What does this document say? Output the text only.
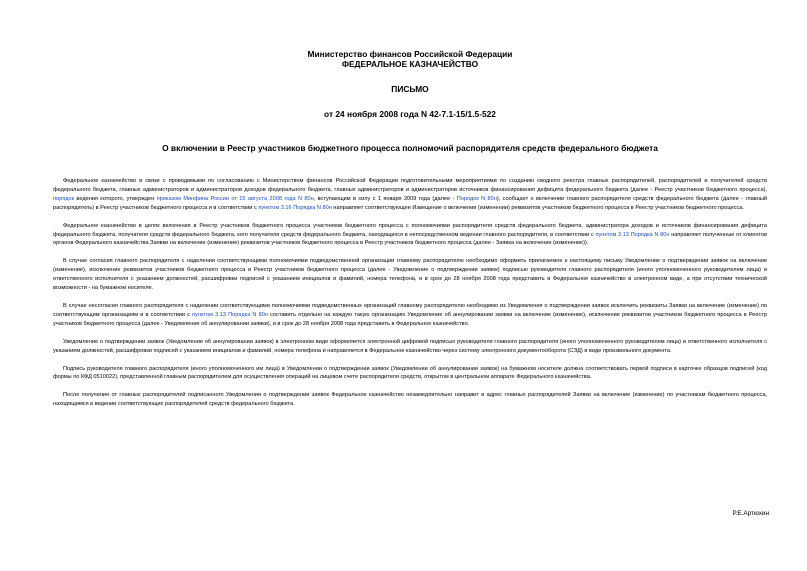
Министерство финансов Российской Федерации
ФЕДЕРАЛЬНОЕ КАЗНАЧЕЙСТВО
ПИСЬМО
от 24 ноября 2008 года N 42-7.1-15/1.5-522
О включении в Реестр участников бюджетного процесса полномочий распорядителя средств федерального бюджета

Федеральное казначейство в связи с проводимыми по согласованию с Министерством финансов Российской Федерации подготовительными мероприятиями по созданию сводного реестра главных распорядителей, распорядителей и получателей средств федерального бюджета, главных администраторов и администраторов доходов федерального бюджета, главных администраторов и администраторов источников финансирования дефицита федерального бюджета (далее - Реестр участников бюджетного процесса), порядок ведения которого, утвержден приказом Минфина России от 15 августа 2008 года N 80н, вступающим в силу с 1 января 2009 года (далее - Порядок N 80н), сообщает о включении главного распорядителя средств федерального бюджета (далее - главный распорядитель) в Реестр участников бюджетного процесса и в соответствии с пунктом 3.16 Порядка N 80н направляет соответствующее Извещение о включении (изменении) реквизитов участников бюджетного процесса в Реестр участников бюджетного процесса.

Федеральное казначейство в целях включения в Реестр участников бюджетного процесса участников бюджетного процесса с полномочиями распорядителя средств федерального бюджета, администратора доходов и источников финансирования дефицита федерального бюджета, получателя средств федерального бюджета, кого получателя средств федерального бюджета, находящихся в непосредственном ведении главного распорядителя, в соответствии с пунктом 3.13 Порядка N 80н направляет полученные от клиентов органов Федерального казначейства Заявки на включение (изменение) реквизитов участников бюджетного процесса в Реестр участников бюджетного процесса (далее - Заявка на включение (изменение)).

В случае согласия главного распорядителя с наделении соответствующими полномочиями подведомственной организации главному распорядителю необходимо оформить прилагаемое к настоящему письму Уведомление о подтверждении заявок на включение (изменение), исключение реквизитов участников бюджетного процесса в Реестр участников бюджетного процесса (далее - Уведомление о подтверждении заявок) подписью руководителя главного распорядителя (иного уполномоченного руководителем лица) и ответственного исполнителя с указанием должностей, расшифровки подписей с указанием инициалов и фамилий, номера телефона, и в срок до 28 ноября 2008 года представить в Федеральное казначейство в электронном виде, а при отсутствии технической возможности - на бумажном носителе.

В случае несогласия главного распорядителя с наделении соответствующими полномочиями подведомственных организаций главному распорядителю необходимо из Уведомления о подтверждении заявок исключить реквизиты Заявки на включение (изменение) по соответствующим организациям и в соответствии с пунктом 3.13 Порядка N 80н составить отдельно на каждую такую организацию Уведомление об аннулировании заявки на включение (изменение), исключение реквизитов участников бюджетного процесса в Реестр участников бюджетного процесса (далее - Уведомление об аннулировании заявки), и в срок до 28 ноября 2008 года представить в Федеральное казначейство.

Уведомление о подтверждении заявок (Уведомление об аннулировании заявок) в электронном виде оформляется электронной цифровой подписью руководителя главного распорядителя (иного уполномоченного руководителем лица) и ответственного исполнителя с указанием должностей, расшифровки подписей с указанием инициалов и фамилий, номера телефона и направляется в Федеральное казначейство через систему электронного документооборота (СЭД) в виде произвольного документа.

Подпись руководителя главного распорядителя (иного уполномоченного им лица) в Уведомлении о подтверждении заявок (Уведомлении об аннулировании заявок) на бумажном носителе должна соответствовать первой подписи в карточке образцов подписей (код формы по КФД 0510022), представленной главным распорядителем для осуществления операций на лицевом счете распорядителя средств, открытом в центральном аппарате Федерального казначейства.

После получения от главных распорядителей подписанного Уведомления о подтверждении заявок Федеральное казначейство незамедлительно направит в адрес главных распорядителей Заявки на включение (изменение) по участникам бюджетного процесса, находящимся в ведении соответствующих распорядителей средств федерального бюджета.

Р.Е.Артюхин
